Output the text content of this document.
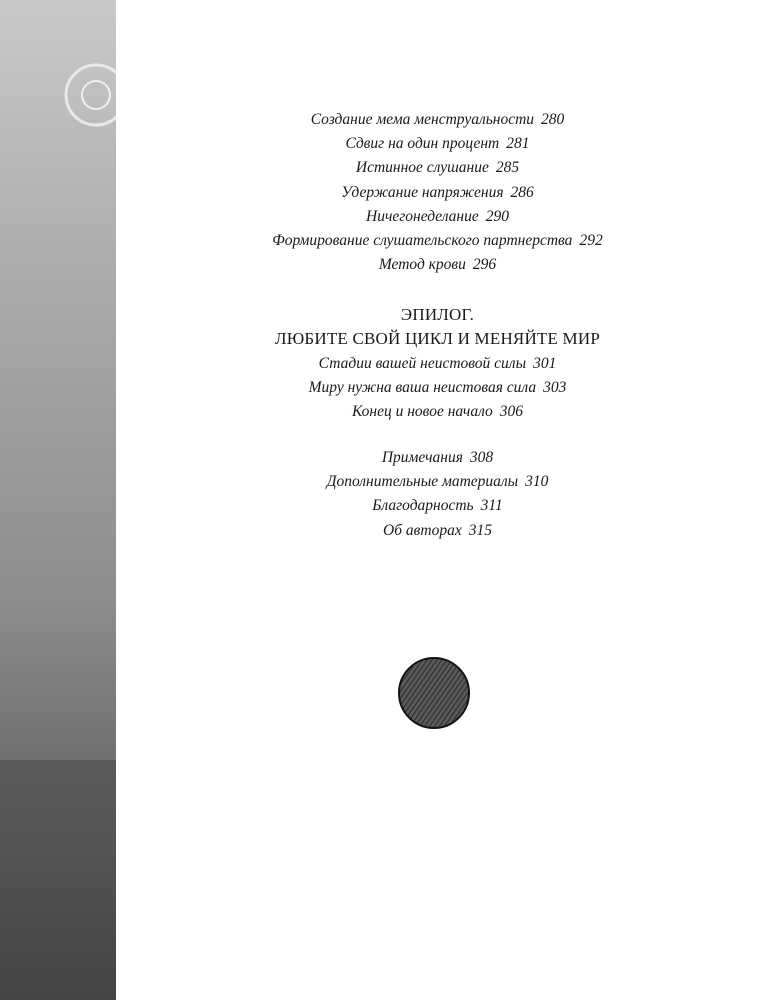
Создание мема менструальности 280
Сдвиг на один процент 281
Истинное слушание 285
Удержание напряжения 286
Ничегонеделание 290
Формирование слушательского партнерства 292
Метод крови 296
ЭПИЛОГ.
ЛЮБИТЕ СВОЙ ЦИКЛ И МЕНЯЙТЕ МИР
Стадии вашей неистовой силы 301
Миру нужна ваша неистовая сила 303
Конец и новое начало 306
Примечания 308
Дополнительные материалы 310
Благодарность 311
Об авторах 315
